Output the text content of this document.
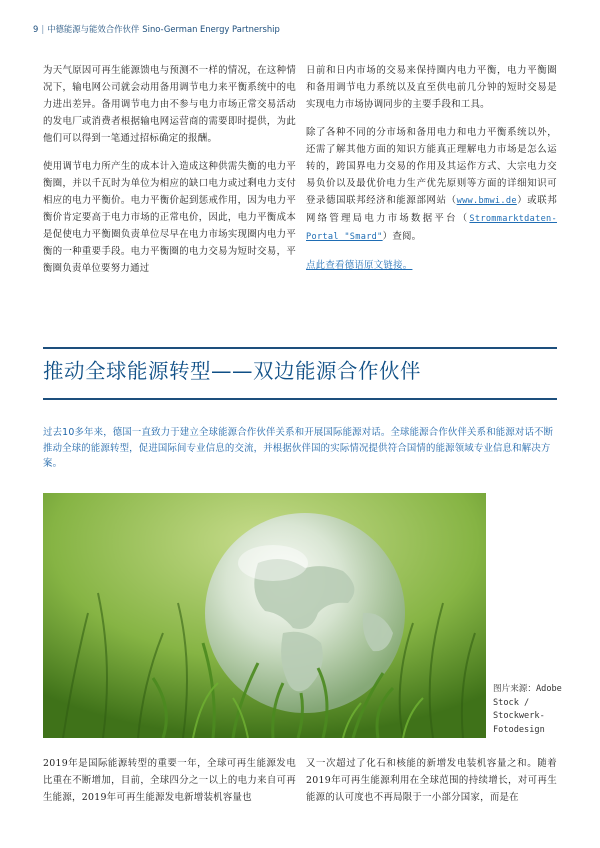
9 | 中德能源与能效合作伙伴 Sino-German Energy Partnership

为天气原因可再生能源馈电与预测不一样的情况，在这种情况下，输电网公司就会动用备用调节电力来平衡系统中的电力进出差异。备用调节电力由不参与电力市场正常交易活动的发电厂或消费者根据输电网运营商的需要即时提供，为此他们可以得到一笔通过招标确定的报酬。

使用调节电力所产生的成本计入造成这种供需失衡的电力平衡圈，并以千瓦时为单位为相应的缺口电力或过剩电力支付相应的电力平衡价。电力平衡价起到惩戒作用，因为电力平衡价肯定要高于电力市场的正常电价，因此，电力平衡成本是促使电力平衡圈负责单位尽早在电力市场实现圈内电力平衡的一种重要手段。电力平衡圈的电力交易为短时交易，平衡圈负责单位要努力通过

日前和日内市场的交易来保持圈内电力平衡，电力平衡圈和备用调节电力系统以及直至供电前几分钟的短时交易是实现电力市场协调同步的主要手段和工具。

除了各种不同的分市场和备用电力和电力平衡系统以外，还需了解其他方面的知识方能真正理解电力市场是怎么运转的，跨国界电力交易的作用及其运作方式、大宗电力交易负价以及最优价电力生产优先原则等方面的详细知识可登录德国联邦经济和能源部网站（www.bmwi.de）或联邦网络管理局电力市场数据平台（Strommarktdaten-Portal "Smard"）查阅。

点此查看德语原文链接。

推动全球能源转型——双边能源合作伙伴
过去10多年来，德国一直致力于建立全球能源合作伙伴关系和开展国际能源对话。全球能源合作伙伴关系和能源对话不断推动全球的能源转型，促进国际间专业信息的交流，并根据伙伴国的实际情况提供符合国情的能源领域专业信息和解决方案。
图片来源：Adobe Stock / Stockwerk-Fotodesign

2019年是国际能源转型的重要一年，全球可再生能源发电比重在不断增加，目前，全球四分之一以上的电力来自可再生能源，2019年可再生能源发电新增装机容量也

又一次超过了化石和核能的新增发电装机容量之和。随着2019年可再生能源利用在全球范围的持续增长，对可再生能源的认可度也不再局限于一小部分国家，而是在
